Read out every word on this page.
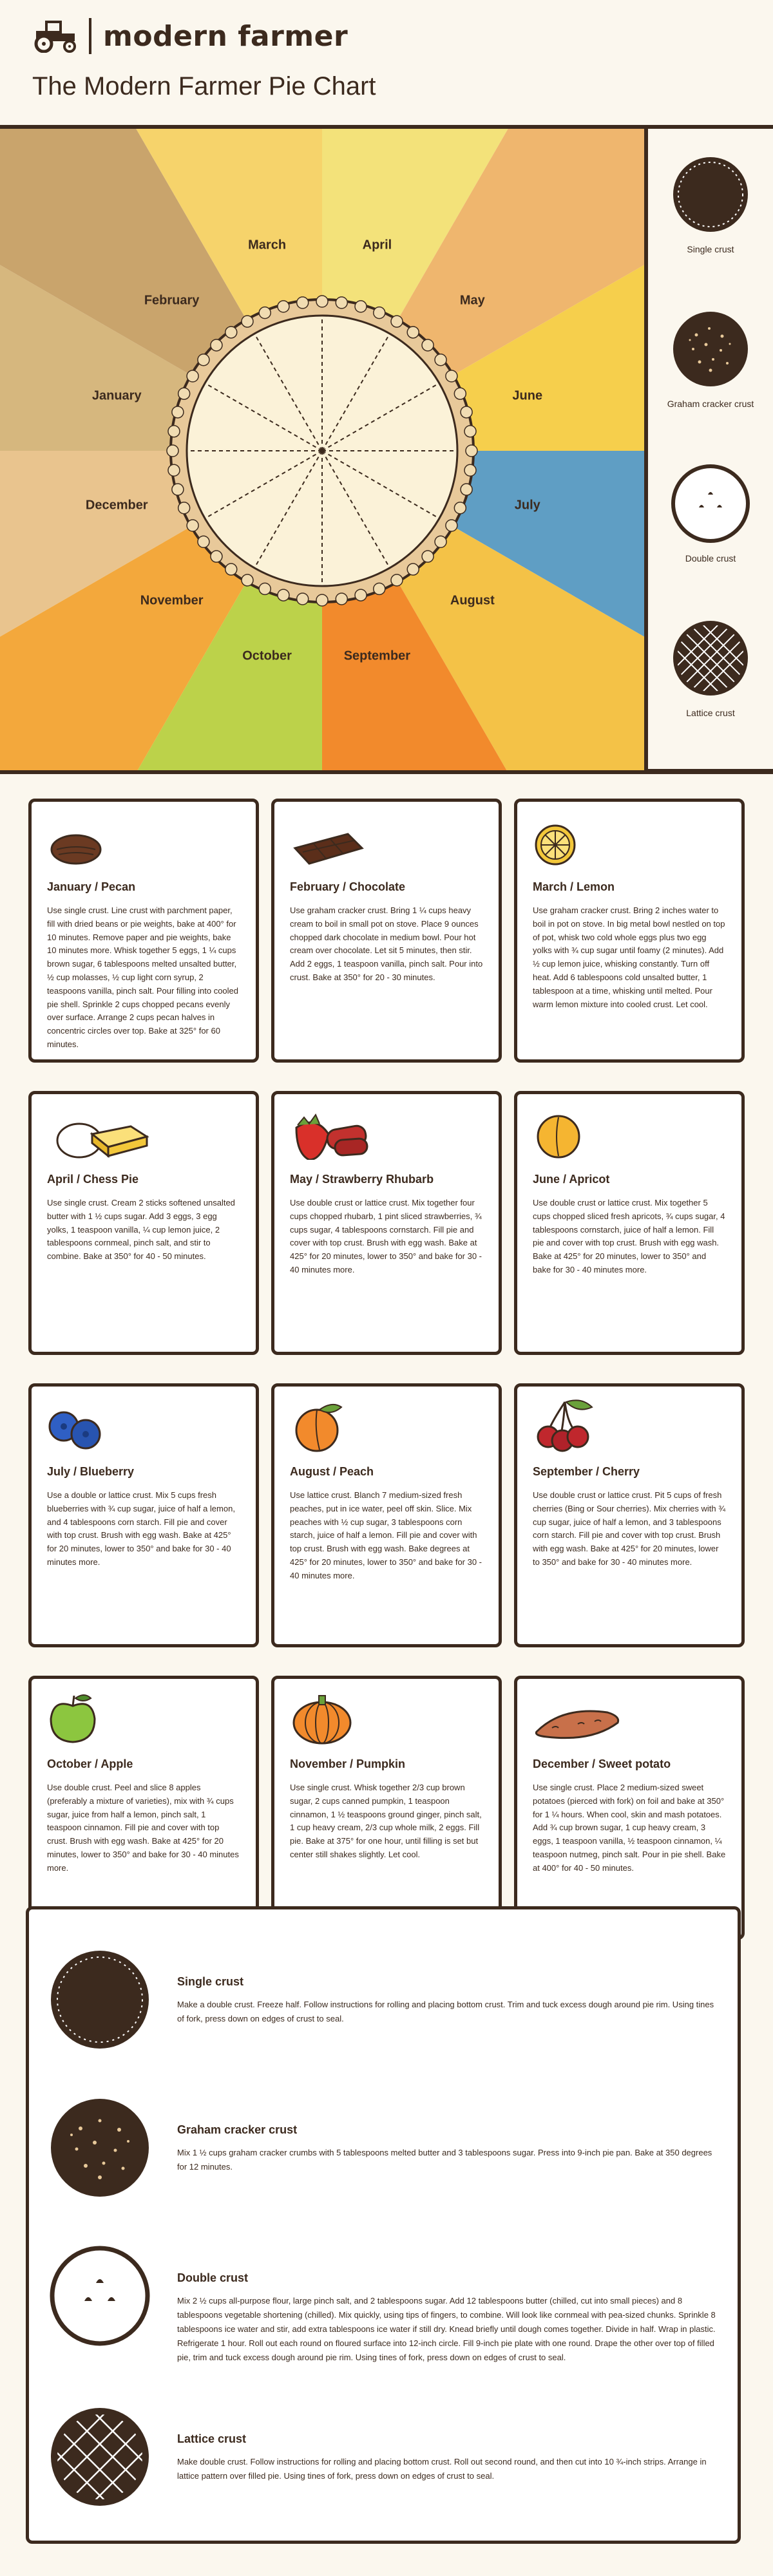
modern farmer
The Modern Farmer Pie Chart
January
February
March	April
May
June
July
August
September
October
November
December
Single crust
Graham cracker crust
Double crust
Lattice crust
January / Pecan

Use single crust. Line crust with parchment paper, fill with dried beans or pie weights, bake at 400° for 10 minutes. Remove paper and pie weights, bake 10 minutes more. Whisk together 5 eggs, 1 ¼ cups brown sugar, 6 tablespoons melted unsalted butter, ½ cup molasses, ½ cup light corn syrup, 2 teaspoons vanilla, pinch salt. Pour filling into cooled pie shell. Sprinkle 2 cups chopped pecans evenly over surface. Arrange 2 cups pecan halves in concentric circles over top. Bake at 325° for 60 minutes.

February / Chocolate

Use graham cracker crust. Bring 1 ¼ cups heavy cream to boil in small pot on stove. Place 9 ounces chopped dark chocolate in medium bowl. Pour hot cream over chocolate. Let sit 5 minutes, then stir. Add 2 eggs, 1 teaspoon vanilla, pinch salt. Pour into crust. Bake at 350° for 20 - 30 minutes.

March / Lemon

Use graham cracker crust. Bring 2 inches water to boil in pot on stove. In big metal bowl nestled on top of pot, whisk two cold whole eggs plus two egg yolks with ¾ cup sugar until foamy (2 minutes). Add ½ cup lemon juice, whisking constantly. Turn off heat. Add 6 tablespoons cold unsalted butter, 1 tablespoon at a time, whisking until melted. Pour warm lemon mixture into cooled crust. Let cool.

April / Chess Pie

Use single crust. Cream 2 sticks softened unsalted butter with 1 ½ cups sugar. Add 3 eggs, 3 egg yolks, 1 teaspoon vanilla, ¼ cup lemon juice, 2 tablespoons cornmeal, pinch salt, and stir to combine. Bake at 350° for 40 - 50 minutes.

May / Strawberry Rhubarb

Use double crust or lattice crust. Mix together four cups chopped rhubarb, 1 pint sliced strawberries, ¾ cups sugar, 4 tablespoons cornstarch. Fill pie and cover with top crust. Brush with egg wash. Bake at 425° for 20 minutes, lower to 350° and bake for 30 - 40 minutes more.

June / Apricot

Use double crust or lattice crust. Mix together 5 cups chopped sliced fresh apricots, ¾ cups sugar, 4 tablespoons cornstarch, juice of half a lemon. Fill pie and cover with top crust. Brush with egg wash. Bake at 425° for 20 minutes, lower to 350° and bake for 30 - 40 minutes more.

July / Blueberry

Use a double or lattice crust. Mix 5 cups fresh blueberries with ¾ cup sugar, juice of half a lemon, and 4 tablespoons corn starch. Fill pie and cover with top crust. Brush with egg wash. Bake at 425° for 20 minutes, lower to 350° and bake for 30 - 40 minutes more.

August / Peach

Use lattice crust. Blanch 7 medium-sized fresh peaches, put in ice water, peel off skin. Slice. Mix peaches with ½ cup sugar, 3 tablespoons corn starch, juice of half a lemon. Fill pie and cover with top crust. Brush with egg wash. Bake degrees at 425° for 20 minutes, lower to 350° and bake for 30 - 40 minutes more.

September / Cherry

Use double crust or lattice crust. Pit 5 cups of fresh cherries (Bing or Sour cherries). Mix cherries with ¾ cup sugar, juice of half a lemon, and 3 tablespoons corn starch. Fill pie and cover with top crust. Brush with egg wash. Bake at 425° for 20 minutes, lower to 350° and bake for 30 - 40 minutes more.

October / Apple

Use double crust. Peel and slice 8 apples (preferably a mixture of varieties), mix with ¾ cups sugar, juice from half a lemon, pinch salt, 1 teaspoon cinnamon. Fill pie and cover with top crust. Brush with egg wash. Bake at 425° for 20 minutes, lower to 350° and bake for 30 - 40 minutes more.

November / Pumpkin

Use single crust. Whisk together 2/3 cup brown sugar, 2 cups canned pumpkin, 1 teaspoon cinnamon, 1 ½ teaspoons ground ginger, pinch salt, 1 cup heavy cream, 2/3 cup whole milk, 2 eggs. Fill pie. Bake at 375° for one hour, until filling is set but center still shakes slightly. Let cool.

December / Sweet potato

Use single crust. Place 2 medium-sized sweet potatoes (pierced with fork) on foil and bake at 350° for 1 ¼ hours. When cool, skin and mash potatoes. Add ¾ cup brown sugar, 1 cup heavy cream, 3 eggs, 1 teaspoon vanilla, ½ teaspoon cinnamon, ¼ teaspoon nutmeg, pinch salt. Pour in pie shell. Bake at 400° for 40 - 50 minutes.

Single crust

Make a double crust. Freeze half. Follow instructions for rolling and placing bottom crust. Trim and tuck excess dough around pie rim. Using tines of fork, press down on edges of crust to seal.

Graham cracker crust

Mix 1 ½ cups graham cracker crumbs with 5 tablespoons melted butter and 3 tablespoons sugar. Press into 9-inch pie pan. Bake at 350 degrees for 12 minutes.

Double crust

Mix 2 ½ cups all-purpose flour, large pinch salt, and 2 tablespoons sugar. Add 12 tablespoons butter (chilled, cut into small pieces) and 8 tablespoons vegetable shortening (chilled). Mix quickly, using tips of fingers, to combine. Will look like cornmeal with pea-sized chunks. Sprinkle 8 tablespoons ice water and stir, add extra tablespoons ice water if still dry. Knead briefly until dough comes together. Divide in half. Wrap in plastic. Refrigerate 1 hour. Roll out each round on floured surface into 12-inch circle. Fill 9-inch pie plate with one round. Drape the other over top of filled pie, trim and tuck excess dough around pie rim. Using tines of fork, press down on edges of crust to seal.

Lattice crust

Make double crust. Follow instructions for rolling and placing bottom crust. Roll out second round, and then cut into 10 ¾-inch strips. Arrange in lattice pattern over filled pie. Using tines of fork, press down on edges of crust to seal.
